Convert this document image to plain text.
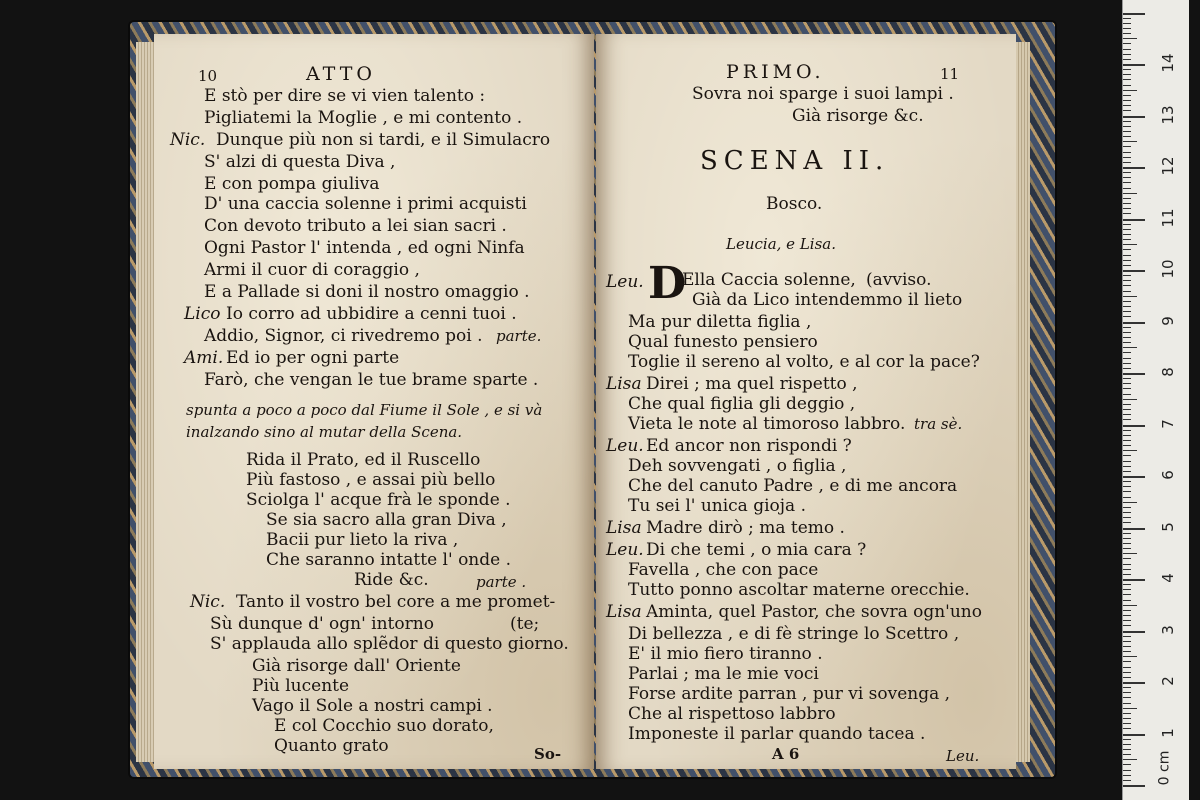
10	ATTO
E stò per dire se vi vien talento :
Pigliatemi la Moglie , e mi contento .
Nic. Dunque più non si tardi, e il Simulacro
S' alzi di questa Diva ,
E con pompa giuliva
D' una caccia solenne i primi acquisti
Con devoto tributo a lei sian sacri .
Ogni Pastor l' intenda , ed ogni Ninfa
Armi il cuor di coraggio ,
E a Pallade si doni il nostro omaggio .
Lico Io corro ad ubbidire a cenni tuoi .
Addio, Signor, ci rivedremo poi . parte.
Ami. Ed io per ogni parte
Farò, che vengan le tue brame sparte .
spunta a poco a poco dal Fiume il Sole , e si và
inalzando sino al mutar della Scena.
Rida il Prato, ed il Ruscello
Più fastoso , e assai più bello
Sciolga l' acque frà le sponde .
Se sia sacro alla gran Diva ,
Bacii pur lieto la riva ,
Che saranno intatte l' onde .
Ride &c.	parte .
Nic. Tanto il vostro bel core a me promet-
Sù dunque d' ogn' intorno	(te;
S' applauda allo splẽdor di questo giorno.
Già risorge dall' Oriente
Più lucente
Vago il Sole a nostri campi .
E col Cocchio suo dorato,
Quanto grato	So-
PRIMO.	11
Sovra noi sparge i suoi lampi .
Già risorge &c.
SCENA II.
Bosco.
Leucia, e Lisa.
Leu. D
Ella Caccia solenne, (avviso.
Già da Lico intendemmo il lieto
Ma pur diletta figlia ,
Qual funesto pensiero
Toglie il sereno al volto, e al cor la pace?
Lisa Direi ; ma quel rispetto ,
Che qual figlia gli deggio ,
Vieta le note al timoroso labbro. tra sè.
Leu. Ed ancor non rispondi ?
Deh sovvengati , o figlia ,
Che del canuto Padre , e di me ancora
Tu sei l' unica gioja .
Lisa Madre dirò ; ma temo .
Leu. Di che temi , o mia cara ?
Favella , che con pace
Tutto ponno ascoltar materne orecchie.
Lisa Aminta, quel Pastor, che sovra ogn'uno
Di bellezza , e di fè stringe lo Scettro ,
E' il mio fiero tiranno .
Parlai ; ma le mie voci
Forse ardite parran , pur vi sovenga ,
Che al rispettoso labbro
Imponeste il parlar quando tacea .
A 6	Leu.	0 cm
1
2
3
4
5
6
7
8
9
10
11
12
13
14
